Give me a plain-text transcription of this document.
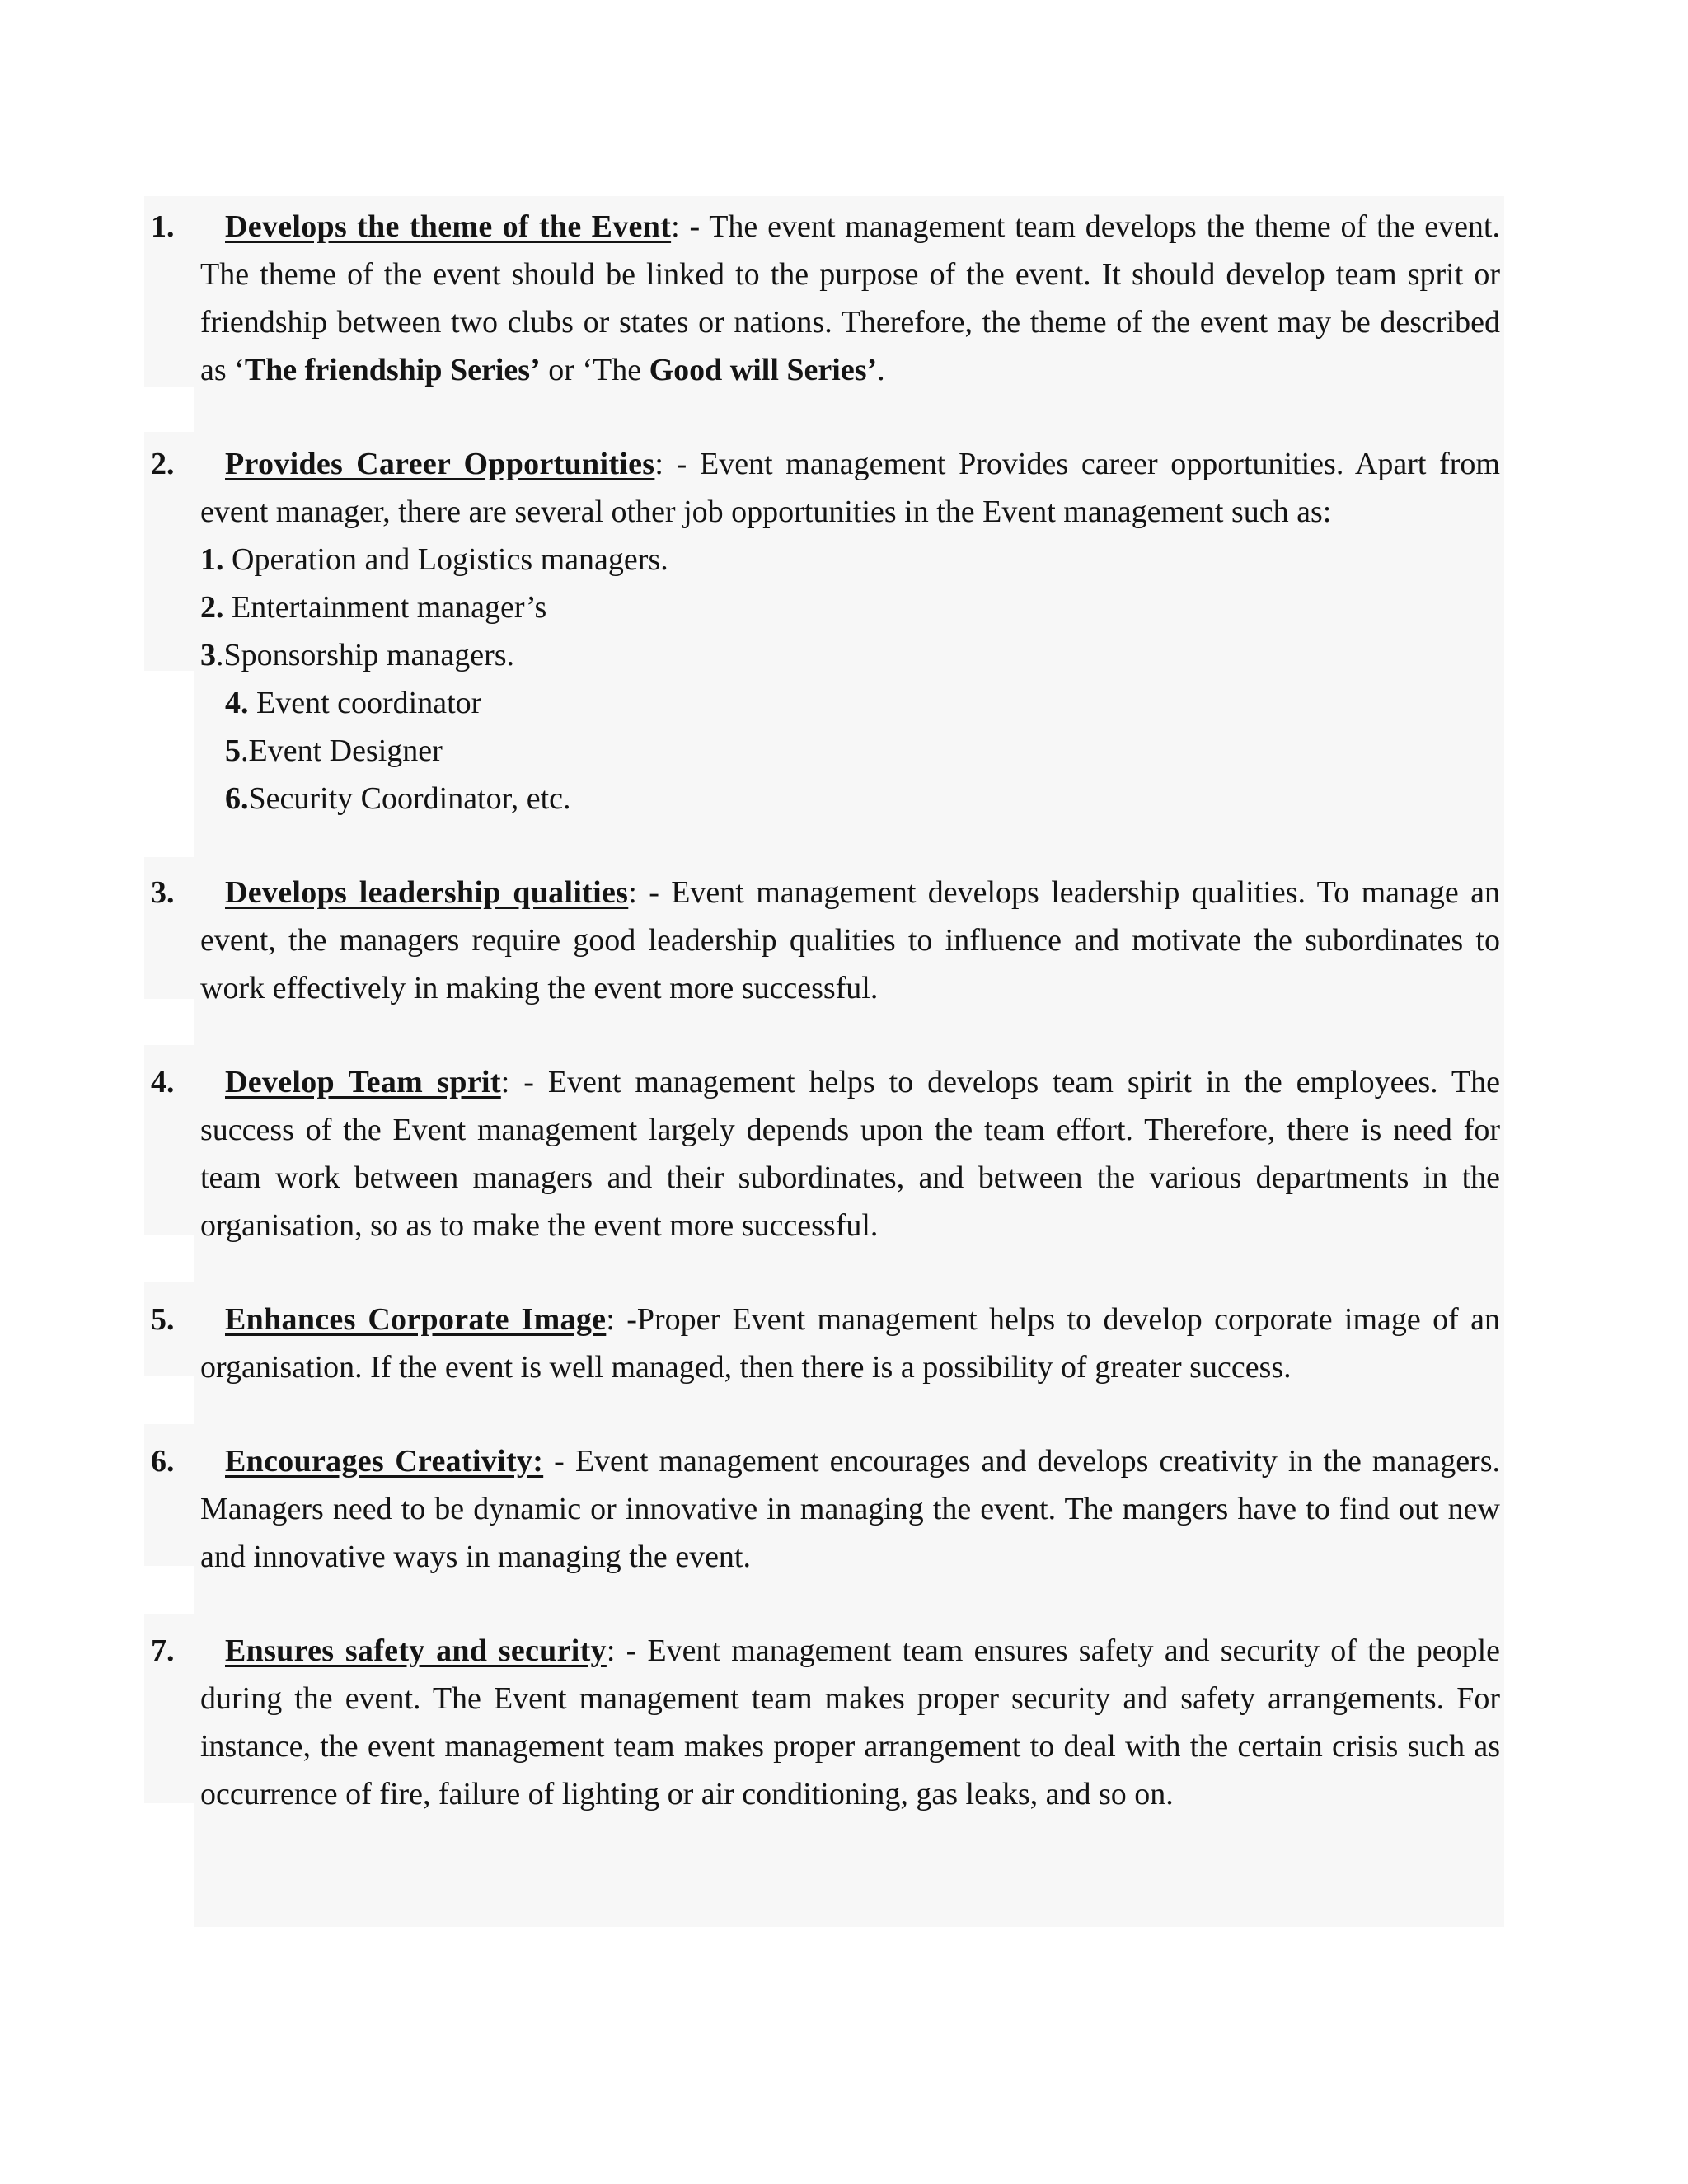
1.	Develops the theme of the Event: - The event management team develops the theme of the event. The theme of the event should be linked to the purpose of the event. It should develop team sprit or friendship between two clubs or states or nations. Therefore, the theme of the event may be described as ‘The friendship Series’ or ‘The Good will Series’.
2.	Provides Career Opportunities: - Event management Provides career opportunities. Apart from event manager, there are several other job opportunities in the Event management such as:
1. Operation and Logistics managers.
2. Entertainment manager’s
3.Sponsorship managers.
4. Event coordinator
5.Event Designer
6.Security Coordinator, etc.
3.	Develops leadership qualities: - Event management develops leadership qualities. To manage an event, the managers require good leadership qualities to influence and motivate the subordinates to work effectively in making the event more successful.
4.	Develop Team sprit: - Event management helps to develops team spirit in the employees. The success of the Event management largely depends upon the team effort. Therefore, there is need for team work between managers and their subordinates, and between the various departments in the organisation, so as to make the event more successful.
5.	Enhances Corporate Image: -Proper Event management helps to develop corporate image of an organisation. If the event is well managed, then there is a possibility of greater success.
6.	Encourages Creativity: - Event management encourages and develops creativity in the managers. Managers need to be dynamic or innovative in managing the event. The mangers have to find out new and innovative ways in managing the event.
7.	Ensures safety and security: - Event management team ensures safety and security of the people during the event. The Event management team makes proper security and safety arrangements. For instance, the event management team makes proper arrangement to deal with the certain crisis such as occurrence of fire, failure of lighting or air conditioning, gas leaks, and so on.
